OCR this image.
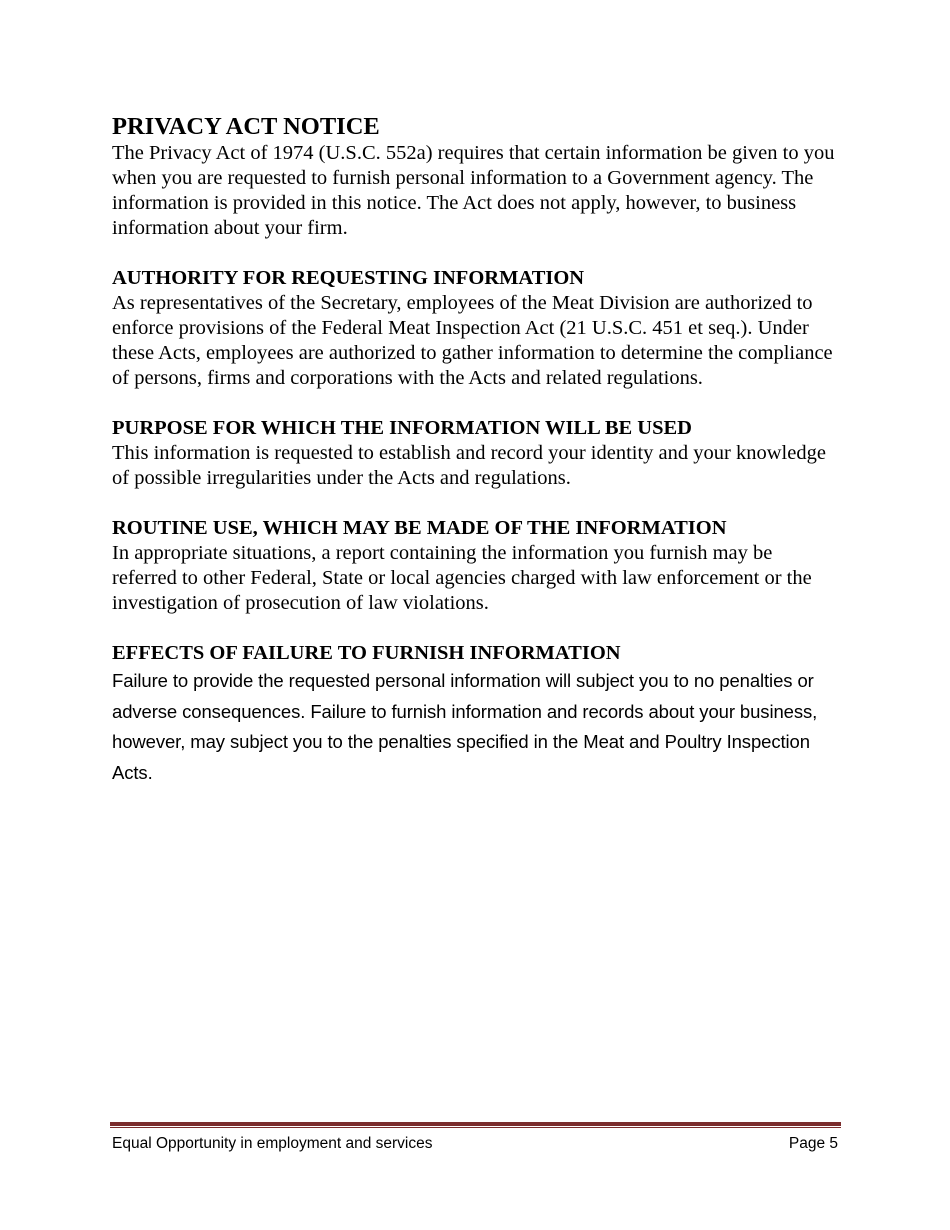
PRIVACY ACT NOTICE

The Privacy Act of 1974 (U.S.C. 552a) requires that certain information be given to you when you are requested to furnish personal information to a Government agency. The information is provided in this notice. The Act does not apply, however, to business information about your firm.

AUTHORITY FOR REQUESTING INFORMATION

As representatives of the Secretary, employees of the Meat Division are authorized to enforce provisions of the Federal Meat Inspection Act (21 U.S.C. 451 et seq.). Under these Acts, employees are authorized to gather information to determine the compliance of persons, firms and corporations with the Acts and related regulations.

PURPOSE FOR WHICH THE INFORMATION WILL BE USED

This information is requested to establish and record your identity and your knowledge of possible irregularities under the Acts and regulations.

ROUTINE USE, WHICH MAY BE MADE OF THE INFORMATION

In appropriate situations, a report containing the information you furnish may be referred to other Federal, State or local agencies charged with law enforcement or the investigation of prosecution of law violations.

EFFECTS OF FAILURE TO FURNISH INFORMATION

Failure to provide the requested personal information will subject you to no penalties or adverse consequences. Failure to furnish information and records about your business, however, may subject you to the penalties specified in the Meat and Poultry Inspection Acts.

Equal Opportunity in employment and services	Page 5
